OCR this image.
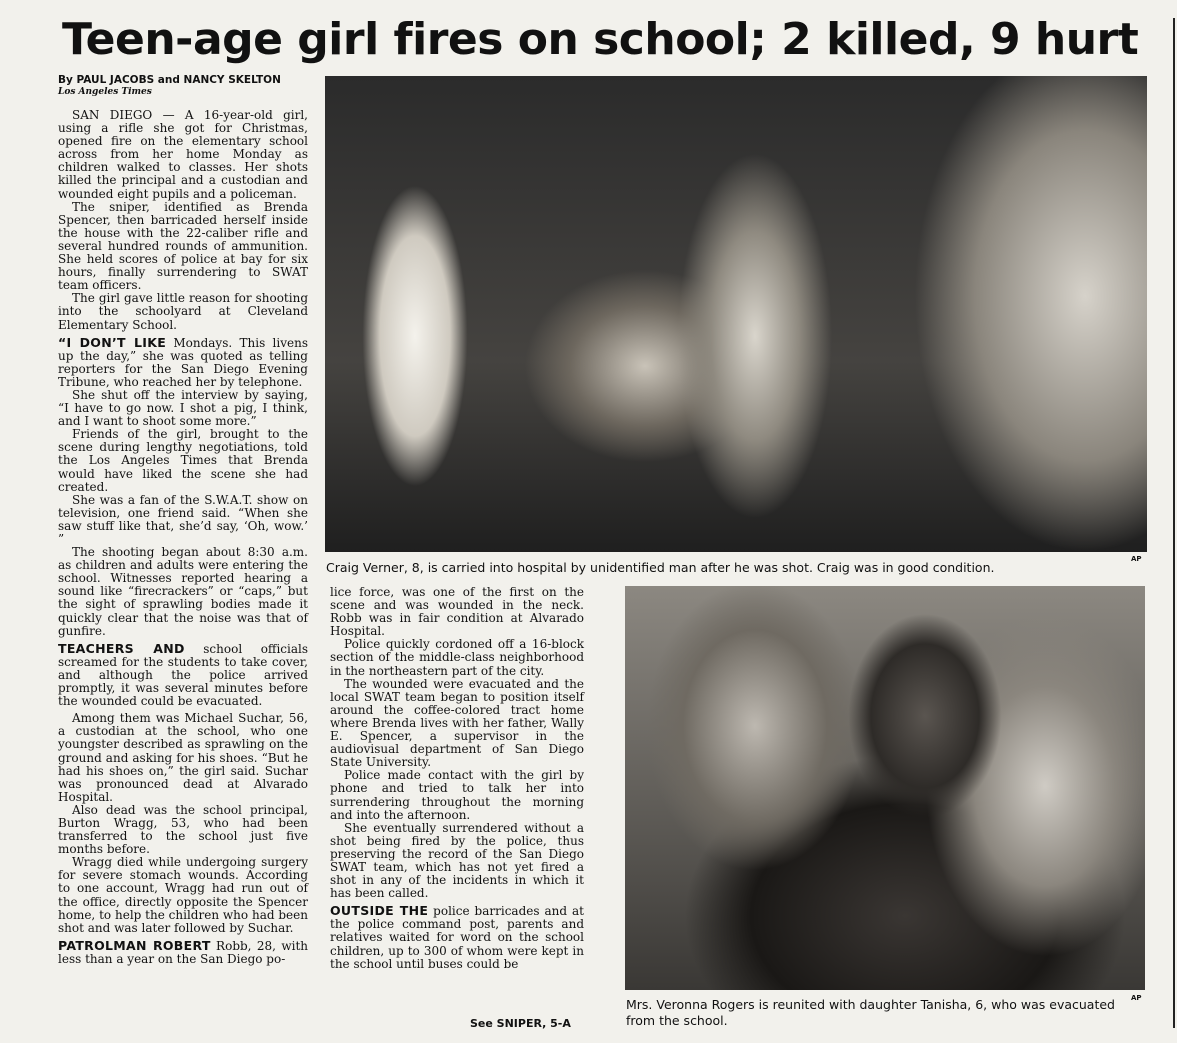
Teen-age girl fires on school; 2 killed, 9 hurt
By PAUL JACOBS and NANCY SKELTON
Los Angeles Times

SAN DIEGO — A 16-year-old girl, using a rifle she got for Christmas, opened fire on the elementary school across from her home Monday as children walked to classes. Her shots killed the principal and a custodian and wounded eight pupils and a policeman.

The sniper, identified as Brenda Spencer, then barricaded herself inside the house with the 22-caliber rifle and several hundred rounds of ammunition. She held scores of police at bay for six hours, finally surrendering to SWAT team officers.

The girl gave little reason for shooting into the schoolyard at Cleveland Elementary School.

“I DON’T LIKE Mondays. This livens up the day,” she was quoted as telling reporters for the San Diego Evening Tribune, who reached her by telephone.

She shut off the interview by saying, “I have to go now. I shot a pig, I think, and I want to shoot some more.”

Friends of the girl, brought to the scene during lengthy negotiations, told the Los Angeles Times that Brenda would have liked the scene she had created.

She was a fan of the S.W.A.T. show on television, one friend said. “When she saw stuff like that, she’d say, ‘Oh, wow.’ ”

The shooting began about 8:30 a.m. as children and adults were entering the school. Witnesses reported hearing a sound like “firecrackers” or “caps,” but the sight of sprawling bodies made it quickly clear that the noise was that of gunfire.

TEACHERS AND school officials screamed for the students to take cover, and although the police arrived promptly, it was several minutes before the wounded could be evacuated.

Among them was Michael Suchar, 56, a custodian at the school, who one youngster described as sprawling on the ground and asking for his shoes. “But he had his shoes on,” the girl said. Suchar was pronounced dead at Alvarado Hospital.

Also dead was the school principal, Burton Wragg, 53, who had been transferred to the school just five months before.

Wragg died while undergoing surgery for severe stomach wounds. According to one account, Wragg had run out of the office, directly opposite the Spencer home, to help the children who had been shot and was later followed by Suchar.

PATROLMAN ROBERT Robb, 28, with less than a year on the San Diego po-

lice force, was one of the first on the scene and was wounded in the neck. Robb was in fair condition at Alvarado Hospital.

Police quickly cordoned off a 16-block section of the middle-class neighborhood in the northeastern part of the city.

The wounded were evacuated and the local SWAT team began to position itself around the coffee-colored tract home where Brenda lives with her father, Wally E. Spencer, a supervisor in the audiovisual department of San Diego State University.

Police made contact with the girl by phone and tried to talk her into surrendering throughout the morning and into the afternoon.

She eventually surrendered without a shot being fired by the police, thus preserving the record of the San Diego SWAT team, which has not yet fired a shot in any of the incidents in which it has been called.

OUTSIDE THE police barricades and at the police command post, parents and relatives waited for word on the school children, up to 300 of whom were kept in the school until buses could be

Craig Verner, 8, is carried into hospital by unidentified man after he was shot. Craig was in good condition.
AP
Mrs. Veronna Rogers is reunited with daughter Tanisha, 6, who was evacuated from the school.
AP
See SNIPER, 5-A
